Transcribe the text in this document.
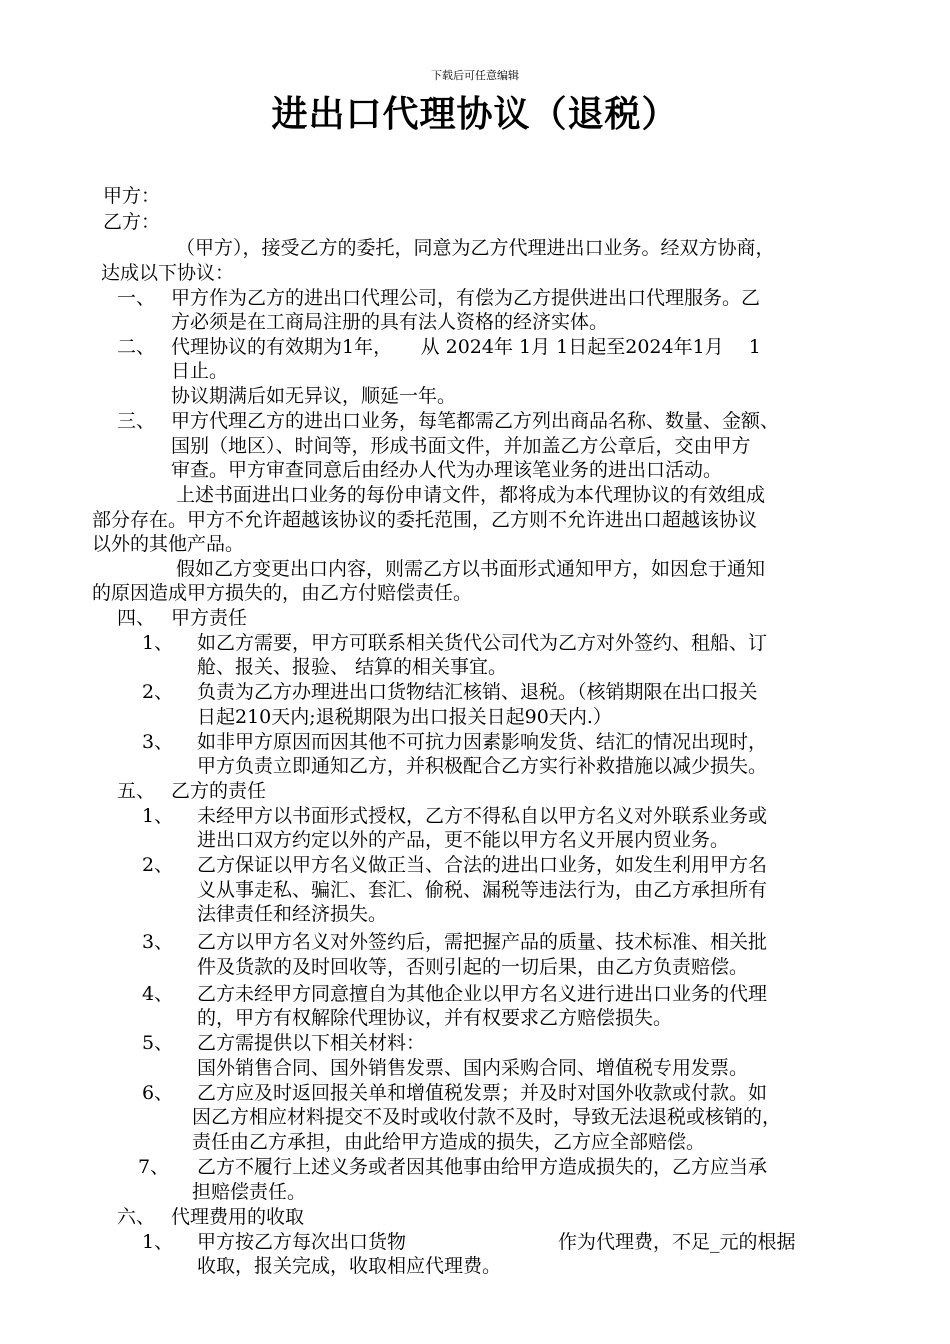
下载后可任意编辑
进出口代理协议（退税）
甲方：
乙方：
（甲方），接受乙方的委托，同意为乙方代理进出口业务。经双方协商，
达成以下协议：
一、 甲方作为乙方的进出口代理公司，有偿为乙方提供进出口代理服务。乙
方必须是在工商局注册的具有法人资格的经济实体。
二、 代理协议的有效期为1年，　　从 2024年 1月 1日起至2024年1月　 1
日止。
协议期满后如无异议，顺延一年。
三、 甲方代理乙方的进出口业务，每笔都需乙方列出商品名称、数量、金额、
国别（地区）、时间等，形成书面文件，并加盖乙方公章后，交由甲方
审查。甲方审查同意后由经办人代为办理该笔业务的进出口活动。
上述书面进出口业务的每份申请文件，都将成为本代理协议的有效组成
部分存在。甲方不允许超越该协议的委托范围，乙方则不允许进出口超越该协议
以外的其他产品。
假如乙方变更出口内容，则需乙方以书面形式通知甲方，如因怠于通知
的原因造成甲方损失的，由乙方付赔偿责任。
四、 甲方责任
1、 如乙方需要，甲方可联系相关货代公司代为乙方对外签约、租船、订
舱、报关、报验、 结算的相关事宜。
2、 负责为乙方办理进出口货物结汇核销、退税。（核销期限在出口报关
日起210天内;退税期限为出口报关日起90天内.）
3、 如非甲方原因而因其他不可抗力因素影响发货、结汇的情况出现时，
甲方负责立即通知乙方，并积极配合乙方实行补救措施以减少损失。
五、 乙方的责任
1、 未经甲方以书面形式授权，乙方不得私自以甲方名义对外联系业务或
进出口双方约定以外的产品，更不能以甲方名义开展内贸业务。
2、 乙方保证以甲方名义做正当、合法的进出口业务，如发生利用甲方名
义从事走私、骗汇、套汇、偷税、漏税等违法行为，由乙方承担所有
法律责任和经济损失。
3、 乙方以甲方名义对外签约后，需把握产品的质量、技术标准、相关批
件及货款的及时回收等，否则引起的一切后果，由乙方负责赔偿。
4、 乙方未经甲方同意擅自为其他企业以甲方名义进行进出口业务的代理
的，甲方有权解除代理协议，并有权要求乙方赔偿损失。
5、 乙方需提供以下相关材料：
国外销售合同、国外销售发票、国内采购合同、增值税专用发票。
6、 乙方应及时返回报关单和增值税发票；并及时对国外收款或付款。如
因乙方相应材料提交不及时或收付款不及时，导致无法退税或核销的，
责任由乙方承担，由此给甲方造成的损失，乙方应全部赔偿。
7、 乙方不履行上述义务或者因其他事由给甲方造成损失的，乙方应当承
担赔偿责任。
六、 代理费用的收取
1、 甲方按乙方每次出口货物　　　　　　　　作为代理费，不足_元的根据
收取，报关完成，收取相应代理费。
